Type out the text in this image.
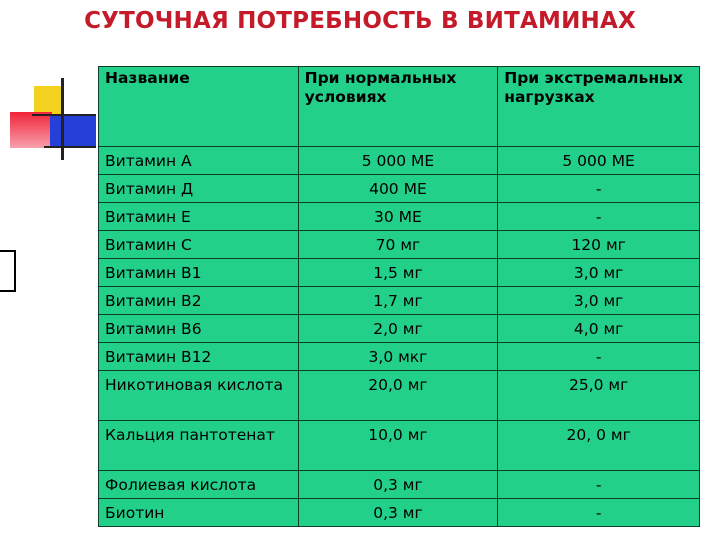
СУТОЧНАЯ ПОТРЕБНОСТЬ В ВИТАМИНАХ
Название	При нормальных условиях	При экстремальных нагрузках
Витамин А	5 000 МЕ	5 000 МЕ
Витамин Д	400 МЕ	-
Витамин Е	30 МЕ	-
Витамин С	70 мг	120 мг
Витамин В1	1,5 мг	3,0 мг
Витамин В2	1,7 мг	3,0 мг
Витамин В6	2,0 мг	4,0 мг
Витамин В12	3,0 мкг	-
Никотиновая кислота	20,0 мг	25,0 мг
Кальция пантотенат	10,0 мг	20, 0 мг
Фолиевая кислота	0,3 мг	-
Биотин	0,3 мг	-
